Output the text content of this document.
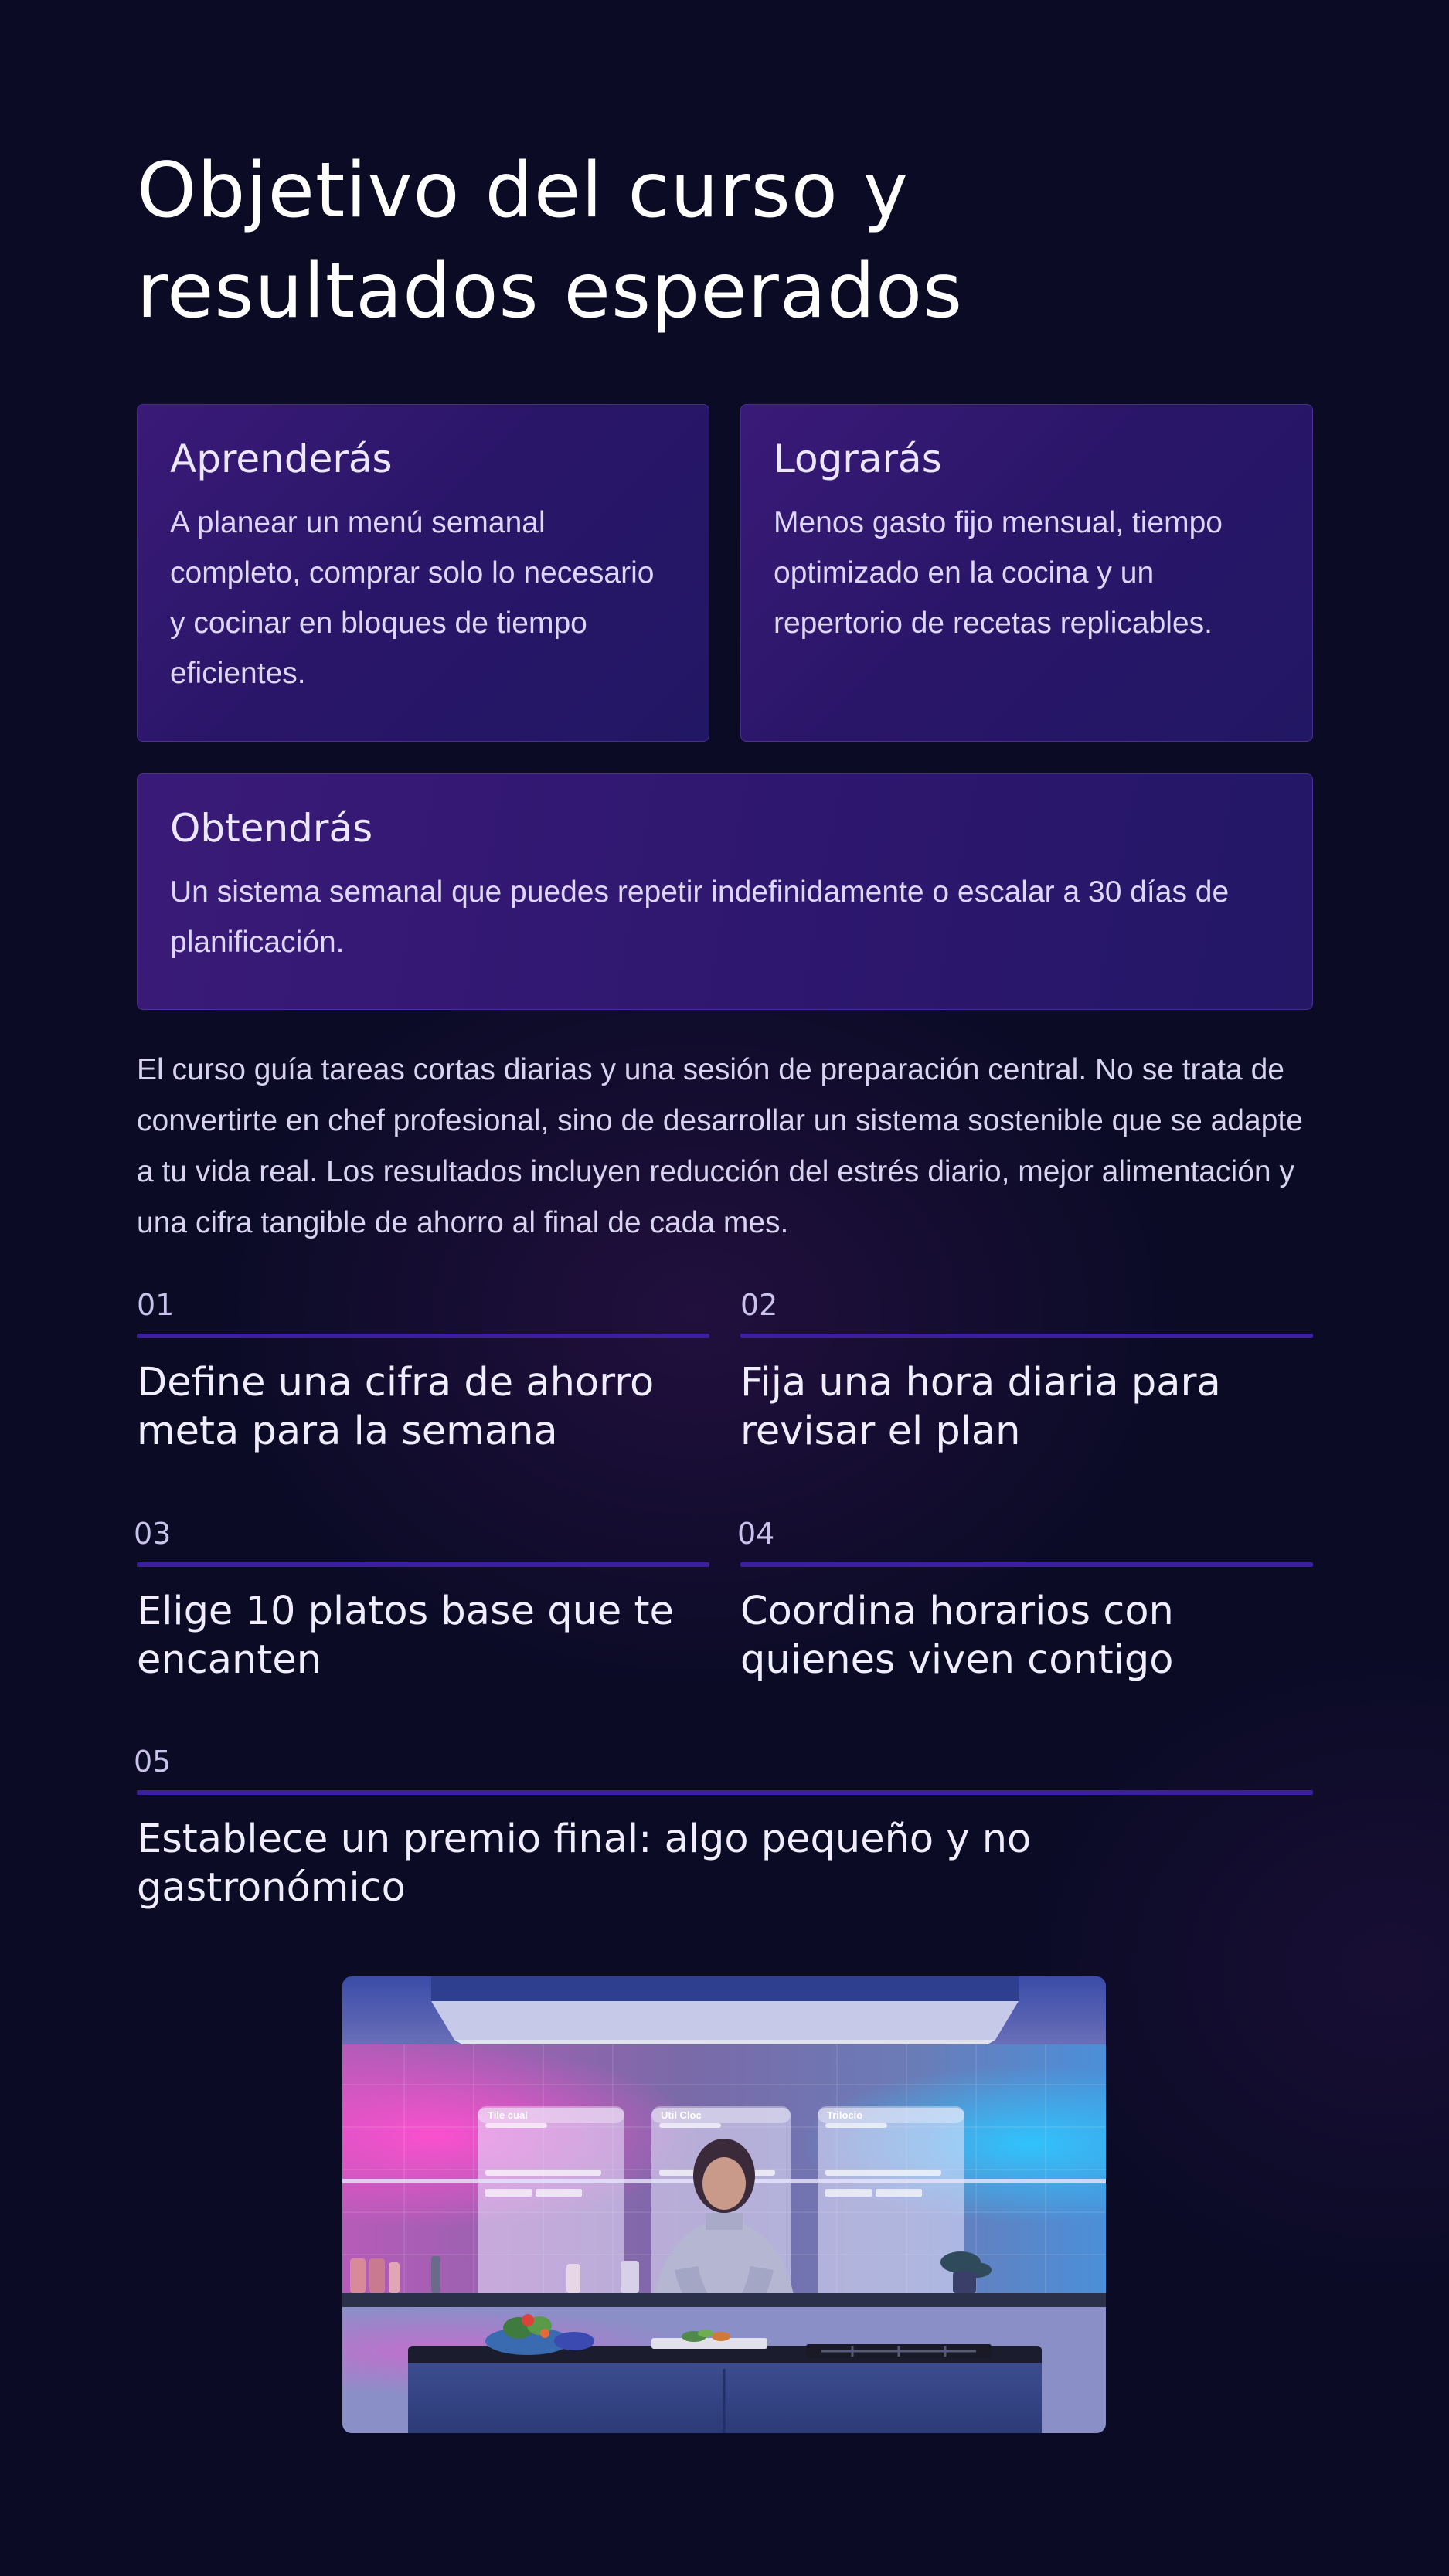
Objetivo del curso y
resultados esperados
Aprenderás

A planear un menú semanal completo, comprar solo lo necesario y cocinar en bloques de tiempo eficientes.

Lograrás

Menos gasto fijo mensual, tiempo optimizado en la cocina y un repertorio de recetas replicables.

Obtendrás

Un sistema semanal que puedes repetir indefinidamente o escalar a 30 días de planificación.

El curso guía tareas cortas diarias y una sesión de preparación central. No se trata de convertirte en chef profesional, sino de desarrollar un sistema sostenible que se adapte a tu vida real. Los resultados incluyen reducción del estrés diario, mejor alimentación y una cifra tangible de ahorro al final de cada mes.

01
Define una cifra de ahorro meta para la semana
02
Fija una hora diaria para revisar el plan
03
Elige 10 platos base que te encanten
04
Coordina horarios con quienes viven contigo
05
Establece un premio final: algo pequeño y no gastronómico
Tile cual	Util Cloc	Trilocio
